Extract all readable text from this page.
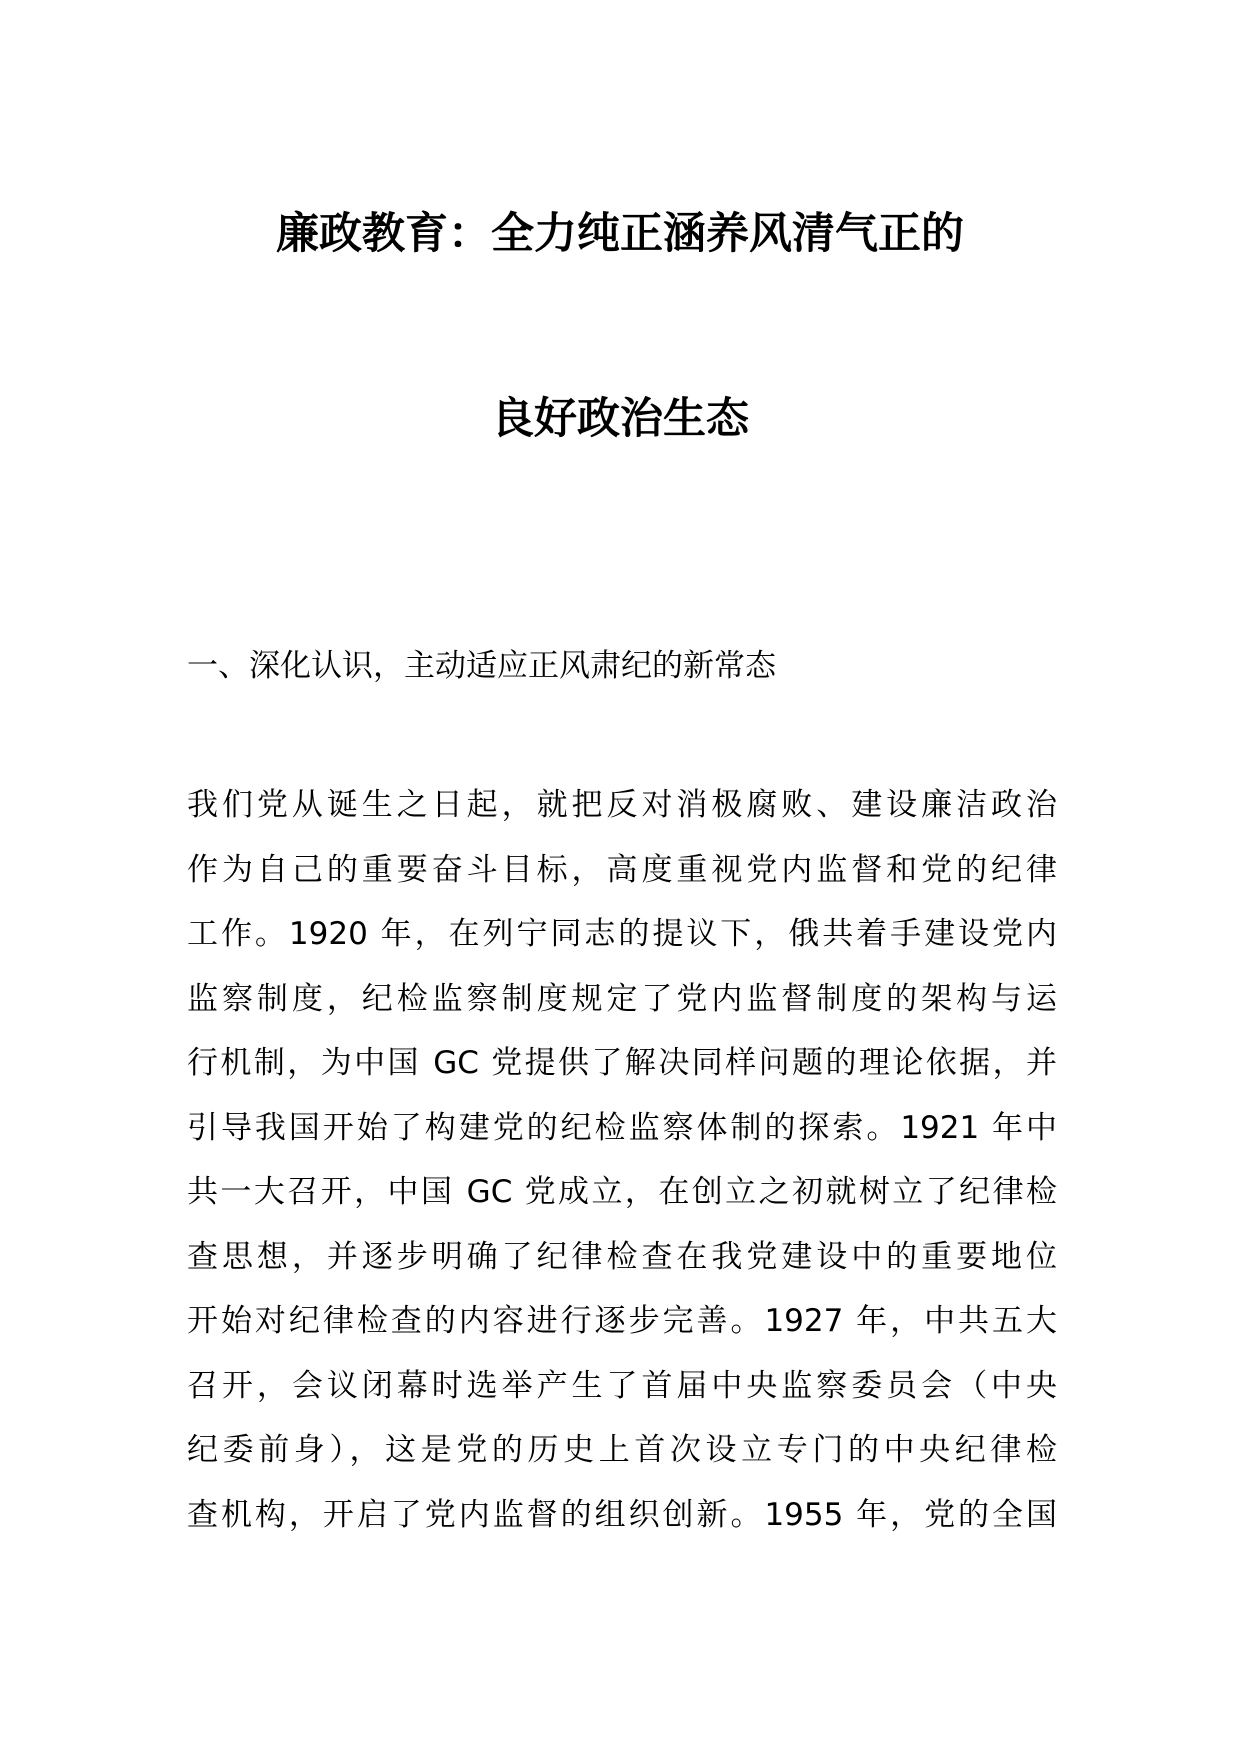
廉政教育：全力纯正涵养风清气正的
良好政治生态
一、深化认识，主动适应正风肃纪的新常态
我们党从诞生之日起，就把反对消极腐败、建设廉洁政治
作为自己的重要奋斗目标，高度重视党内监督和党的纪律
工作。1920 年，在列宁同志的提议下，俄共着手建设党内
监察制度，纪检监察制度规定了党内监督制度的架构与运
行机制，为中国 GC 党提供了解决同样问题的理论依据，并
引导我国开始了构建党的纪检监察体制的探索。1921 年中
共一大召开，中国 GC 党成立，在创立之初就树立了纪律检
查思想，并逐步明确了纪律检查在我党建设中的重要地位
开始对纪律检查的内容进行逐步完善。1927 年，中共五大
召开，会议闭幕时选举产生了首届中央监察委员会（中央
纪委前身），这是党的历史上首次设立专门的中央纪律检
查机构，开启了党内监督的组织创新。1955 年，党的全国
